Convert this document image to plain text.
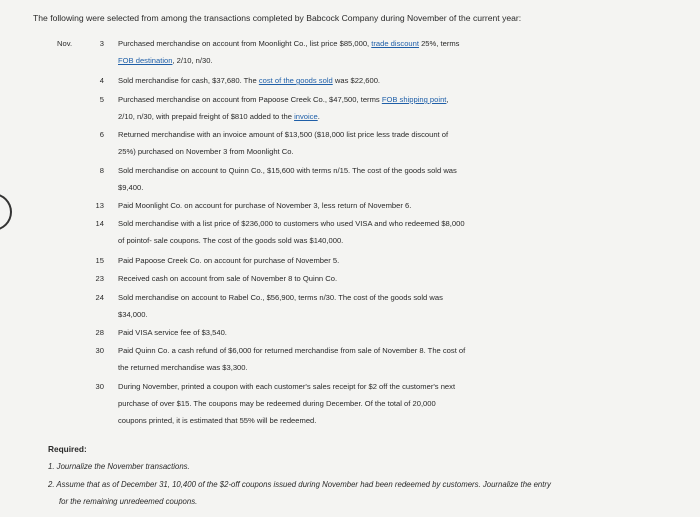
The following were selected from among the transactions completed by Babcock Company during November of the current year:
Nov.	3 Purchased merchandise on account from Moonlight Co., list price $85,000, trade discount 25%, terms
FOB destination, 2/10, n/30.
4 Sold merchandise for cash, $37,680. The cost of the goods sold was $22,600.
5 Purchased merchandise on account from Papoose Creek Co., $47,500, terms FOB shipping point,
2/10, n/30, with prepaid freight of $810 added to the invoice.
6 Returned merchandise with an invoice amount of $13,500 ($18,000 list price less trade discount of
25%) purchased on November 3 from Moonlight Co.
8 Sold merchandise on account to Quinn Co., $15,600 with terms n/15. The cost of the goods sold was
$9,400.
13 Paid Moonlight Co. on account for purchase of November 3, less return of November 6.
14 Sold merchandise with a list price of $236,000 to customers who used VISA and who redeemed $8,000
of pointof- sale coupons. The cost of the goods sold was $140,000.
15 Paid Papoose Creek Co. on account for purchase of November 5.
23 Received cash on account from sale of November 8 to Quinn Co.
24 Sold merchandise on account to Rabel Co., $56,900, terms n/30. The cost of the goods sold was
$34,000.
28 Paid VISA service fee of $3,540.
30 Paid Quinn Co. a cash refund of $6,000 for returned merchandise from sale of November 8. The cost of
the returned merchandise was $3,300.
30 During November, printed a coupon with each customer's sales receipt for $2 off the customer's next
purchase of over $15. The coupons may be redeemed during December. Of the total of 20,000
coupons printed, it is estimated that 55% will be redeemed.
Required:
1. Journalize the November transactions.
2. Assume that as of December 31, 10,400 of the $2-off coupons issued during November had been redeemed by customers. Journalize the entry
for the remaining unredeemed coupons.
